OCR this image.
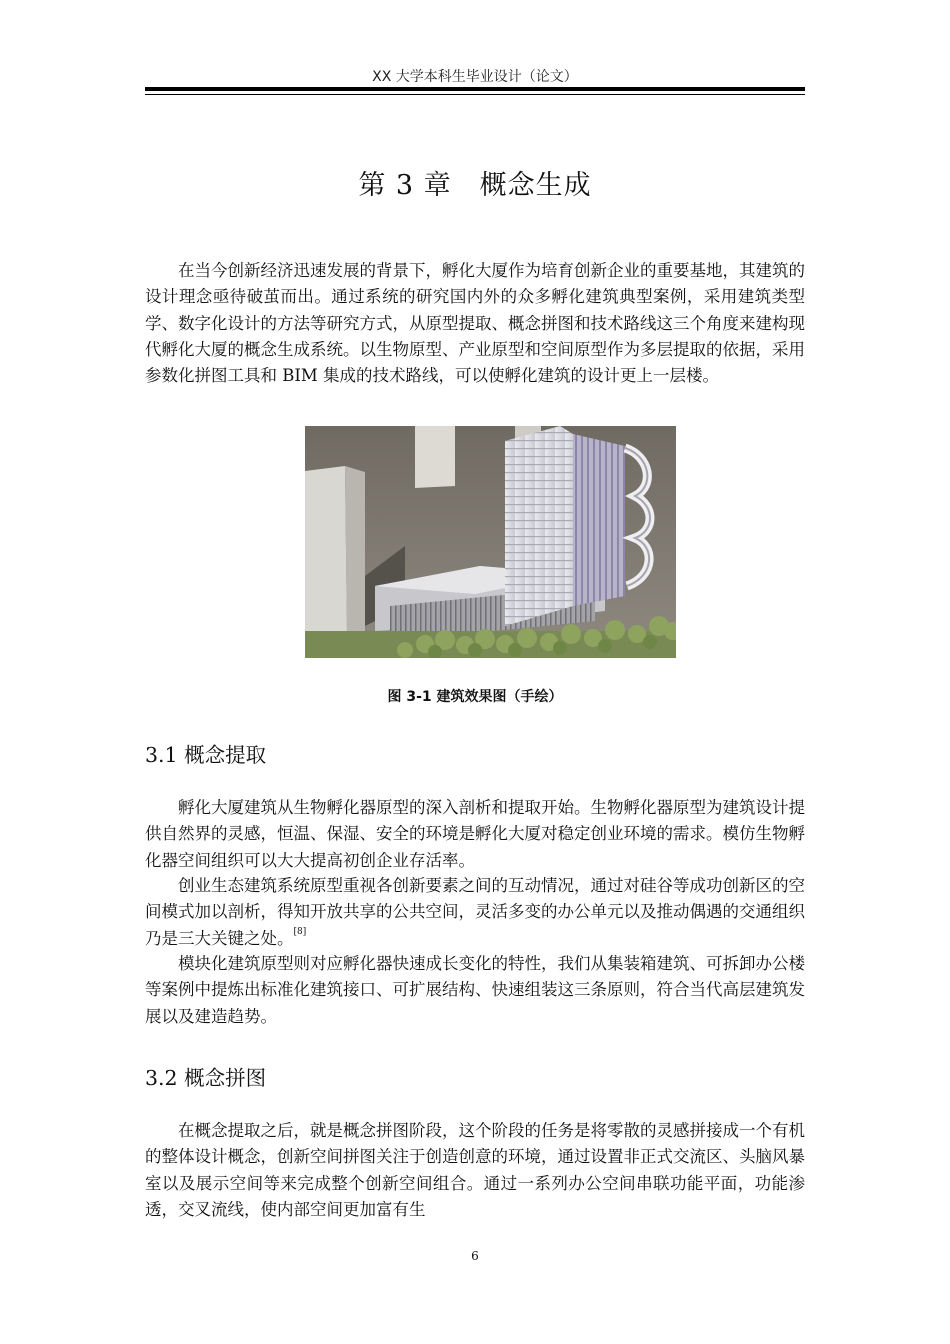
XX 大学本科生毕业设计（论文）
第 3 章　概念生成

在当今创新经济迅速发展的背景下，孵化大厦作为培育创新企业的重要基地，其建筑的设计理念亟待破茧而出。通过系统的研究国内外的众多孵化建筑典型案例，采用建筑类型学、数字化设计的方法等研究方式，从原型提取、概念拼图和技术路线这三个角度来建构现代孵化大厦的概念生成系统。以生物原型、产业原型和空间原型作为多层提取的依据，采用参数化拼图工具和 BIM 集成的技术路线，可以使孵化建筑的设计更上一层楼。

图 3-1 建筑效果图（手绘）
3.1 概念提取

孵化大厦建筑从生物孵化器原型的深入剖析和提取开始。生物孵化器原型为建筑设计提供自然界的灵感，恒温、保湿、安全的环境是孵化大厦对稳定创业环境的需求。模仿生物孵化器空间组织可以大大提高初创企业存活率。

创业生态建筑系统原型重视各创新要素之间的互动情况，通过对硅谷等成功创新区的空间模式加以剖析，得知开放共享的公共空间，灵活多变的办公单元以及推动偶遇的交通组织乃是三大关键之处。[8]

模块化建筑原型则对应孵化器快速成长变化的特性，我们从集装箱建筑、可拆卸办公楼等案例中提炼出标准化建筑接口、可扩展结构、快速组装这三条原则，符合当代高层建筑发展以及建造趋势。

3.2 概念拼图

在概念提取之后，就是概念拼图阶段，这个阶段的任务是将零散的灵感拼接成一个有机的整体设计概念，创新空间拼图关注于创造创意的环境，通过设置非正式交流区、头脑风暴室以及展示空间等来完成整个创新空间组合。通过一系列办公空间串联功能平面，功能渗透，交叉流线，使内部空间更加富有生

6
